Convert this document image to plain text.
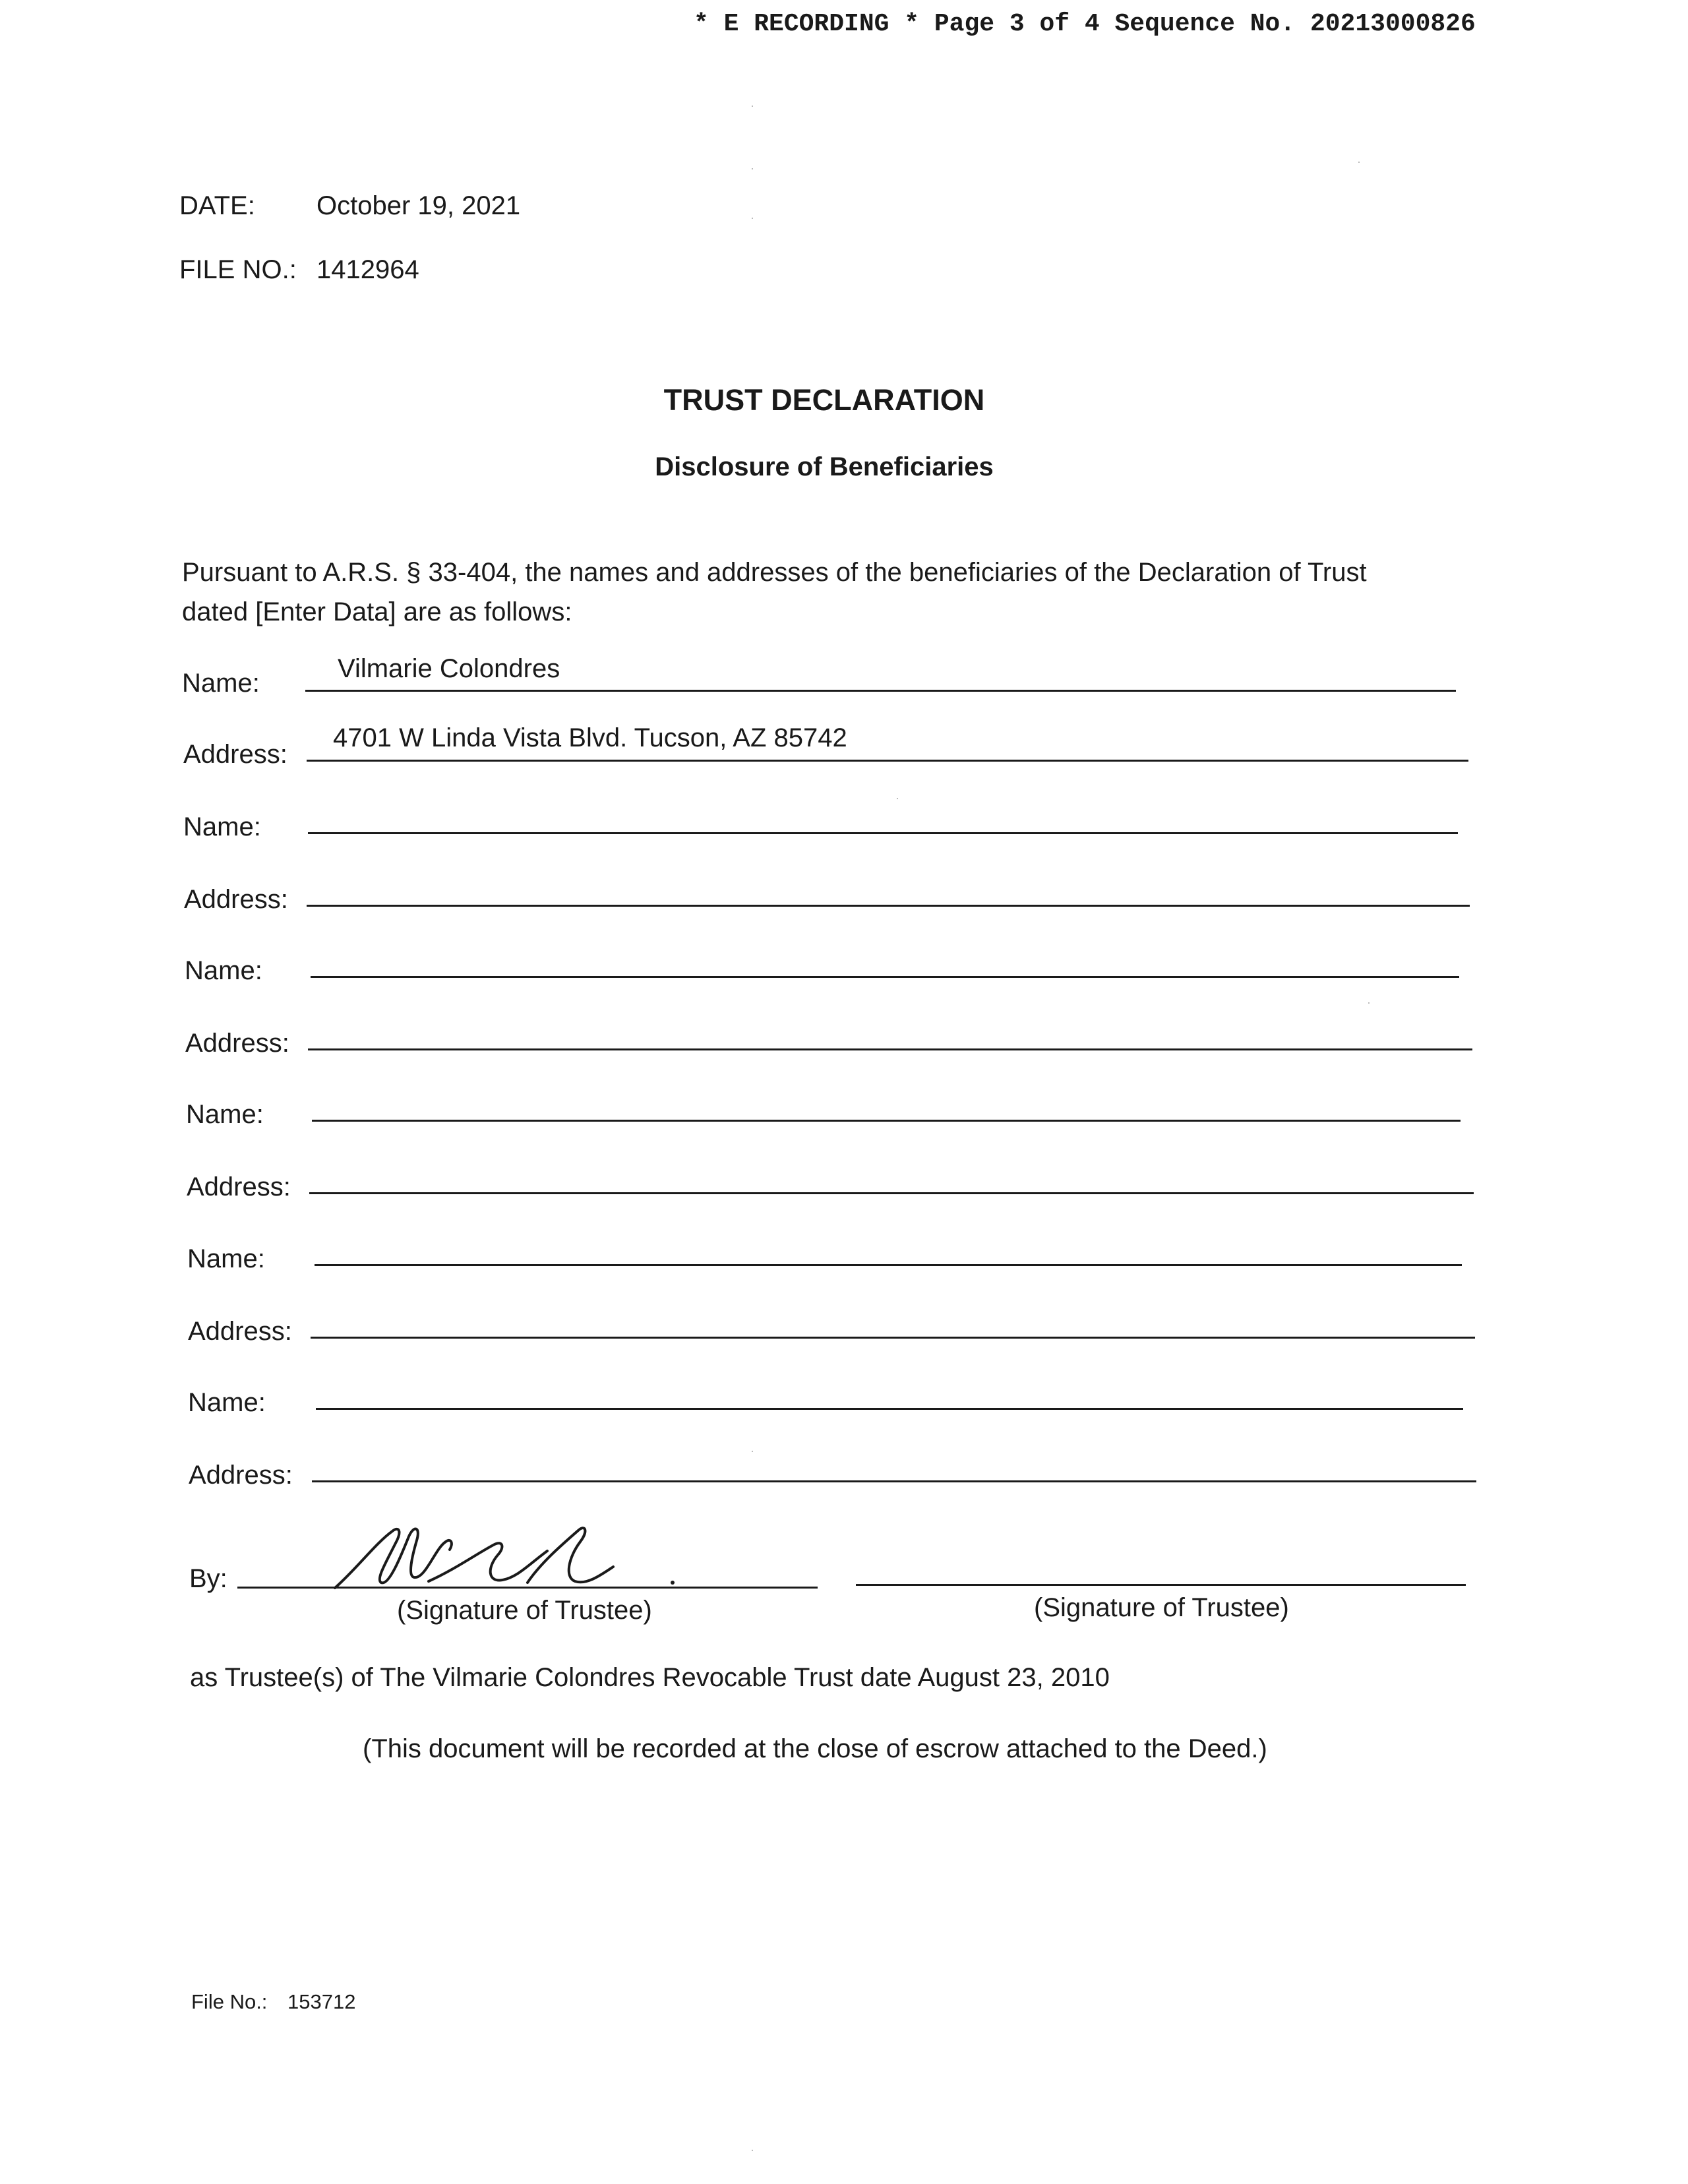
* E RECORDING * Page 3 of 4 Sequence No. 20213000826
DATE: October 19, 2021
FILE NO.: 1412964
TRUST DECLARATION
Disclosure of Beneficiaries
Pursuant to A.R.S. § 33-404, the names and addresses of the beneficiaries of the Declaration of Trust
dated [Enter Data] are as follows:
Name:	Vilmarie Colondres
Address:
4701 W Linda Vista Blvd. Tucson, AZ 85742
Name:
Address:
Name:
Address:
Name:
Address:
Name:
Address:
Name:
Address:
By:
(Signature of Trustee)	(Signature of Trustee)
as Trustee(s) of The Vilmarie Colondres Revocable Trust date August 23, 2010
(This document will be recorded at the close of escrow attached to the Deed.)
File No.: 153712
